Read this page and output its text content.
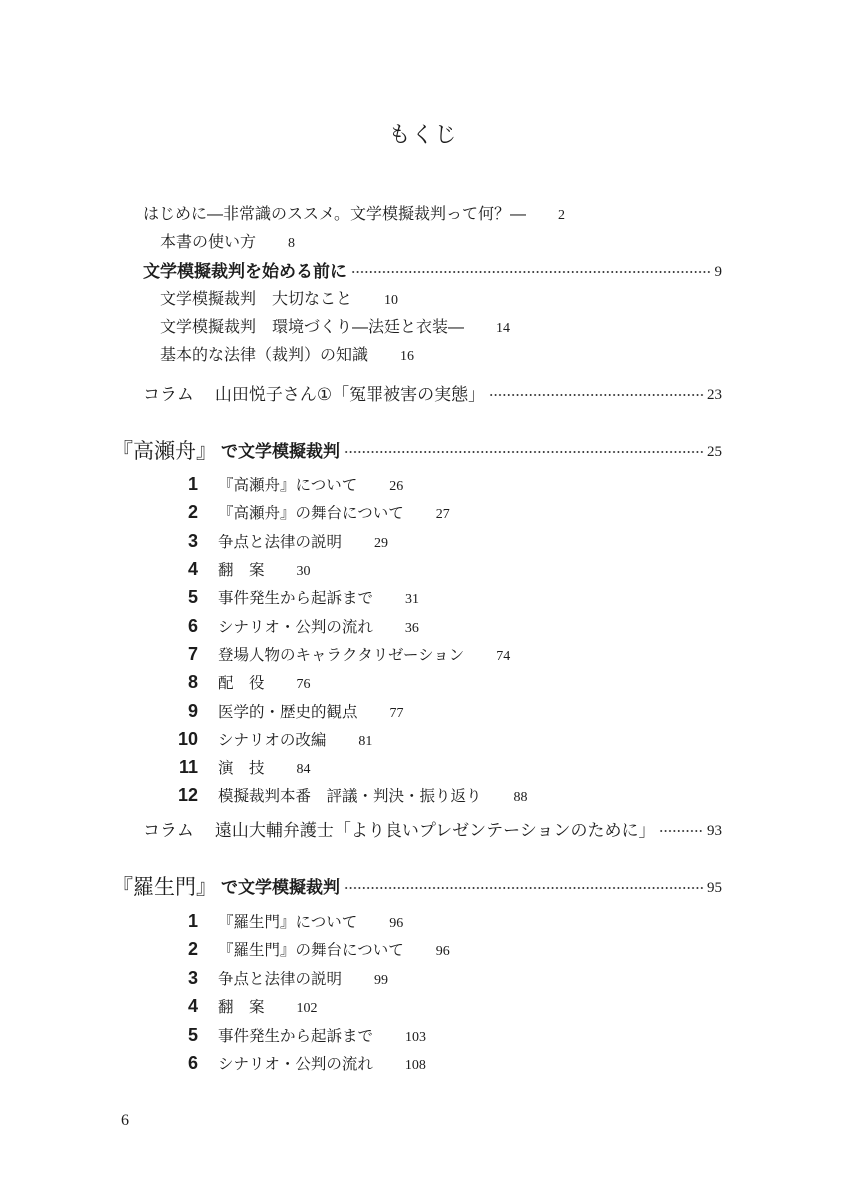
もくじ
はじめに―非常識のススメ。文学模擬裁判って何？― 2
本書の使い方 8
文学模擬裁判を始める前に	9
文学模擬裁判　大切なこと 10
文学模擬裁判　環境づくり―法廷と衣装― 14
基本的な法律（裁判）の知識 16
コラム 山田悦子さん①「冤罪被害の実態」	23
『高瀬舟』 で文学模擬裁判	25
1 『高瀬舟』について 26
2 『高瀬舟』の舞台について 27
3 争点と法律の説明 29
4 翻　案 30
5 事件発生から起訴まで 31
6 シナリオ・公判の流れ 36
7 登場人物のキャラクタリゼーション 74
8 配　役 76
9 医学的・歴史的観点 77
10 シナリオの改編 81
11 演　技 84
12 模擬裁判本番　評議・判決・振り返り 88
コラム 遠山大輔弁護士「より良いプレゼンテーションのために」	93
『羅生門』 で文学模擬裁判	95
1 『羅生門』について 96
2 『羅生門』の舞台について 96
3 争点と法律の説明 99
4 翻　案 102
5 事件発生から起訴まで 103
6 シナリオ・公判の流れ 108
6
